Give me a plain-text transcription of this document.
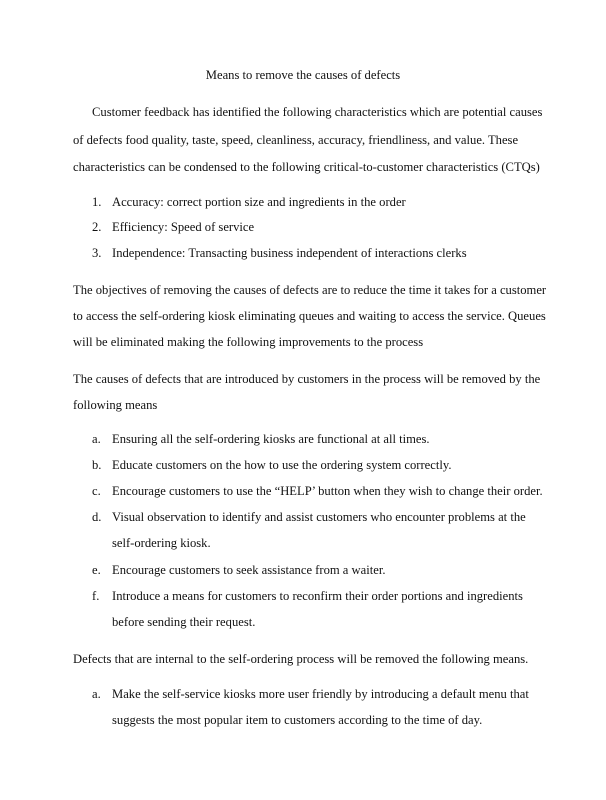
Means to remove the causes of defects
Customer feedback has identified the following characteristics which are potential causes
of defects food quality, taste, speed, cleanliness, accuracy, friendliness, and value. These
characteristics can be condensed to the following critical-to-customer characteristics (CTQs)
1. Accuracy: correct portion size and ingredients in the order
2. Efficiency: Speed of service
3. Independence: Transacting business independent of interactions clerks
The objectives of removing the causes of defects are to reduce the time it takes for a customer
to access the self-ordering kiosk eliminating queues and waiting to access the service. Queues
will be eliminated making the following improvements to the process
The causes of defects that are introduced by customers in the process will be removed by the
following means
a. Ensuring all the self-ordering kiosks are functional at all times.
b. Educate customers on the how to use the ordering system correctly.
c. Encourage customers to use the “HELP’ button when they wish to change their order.
d. Visual observation to identify and assist customers who encounter problems at the
self-ordering kiosk.
e. Encourage customers to seek assistance from a waiter.
f. Introduce a means for customers to reconfirm their order portions and ingredients
before sending their request.
Defects that are internal to the self-ordering process will be removed the following means.
a. Make the self-service kiosks more user friendly by introducing a default menu that
suggests the most popular item to customers according to the time of day.
